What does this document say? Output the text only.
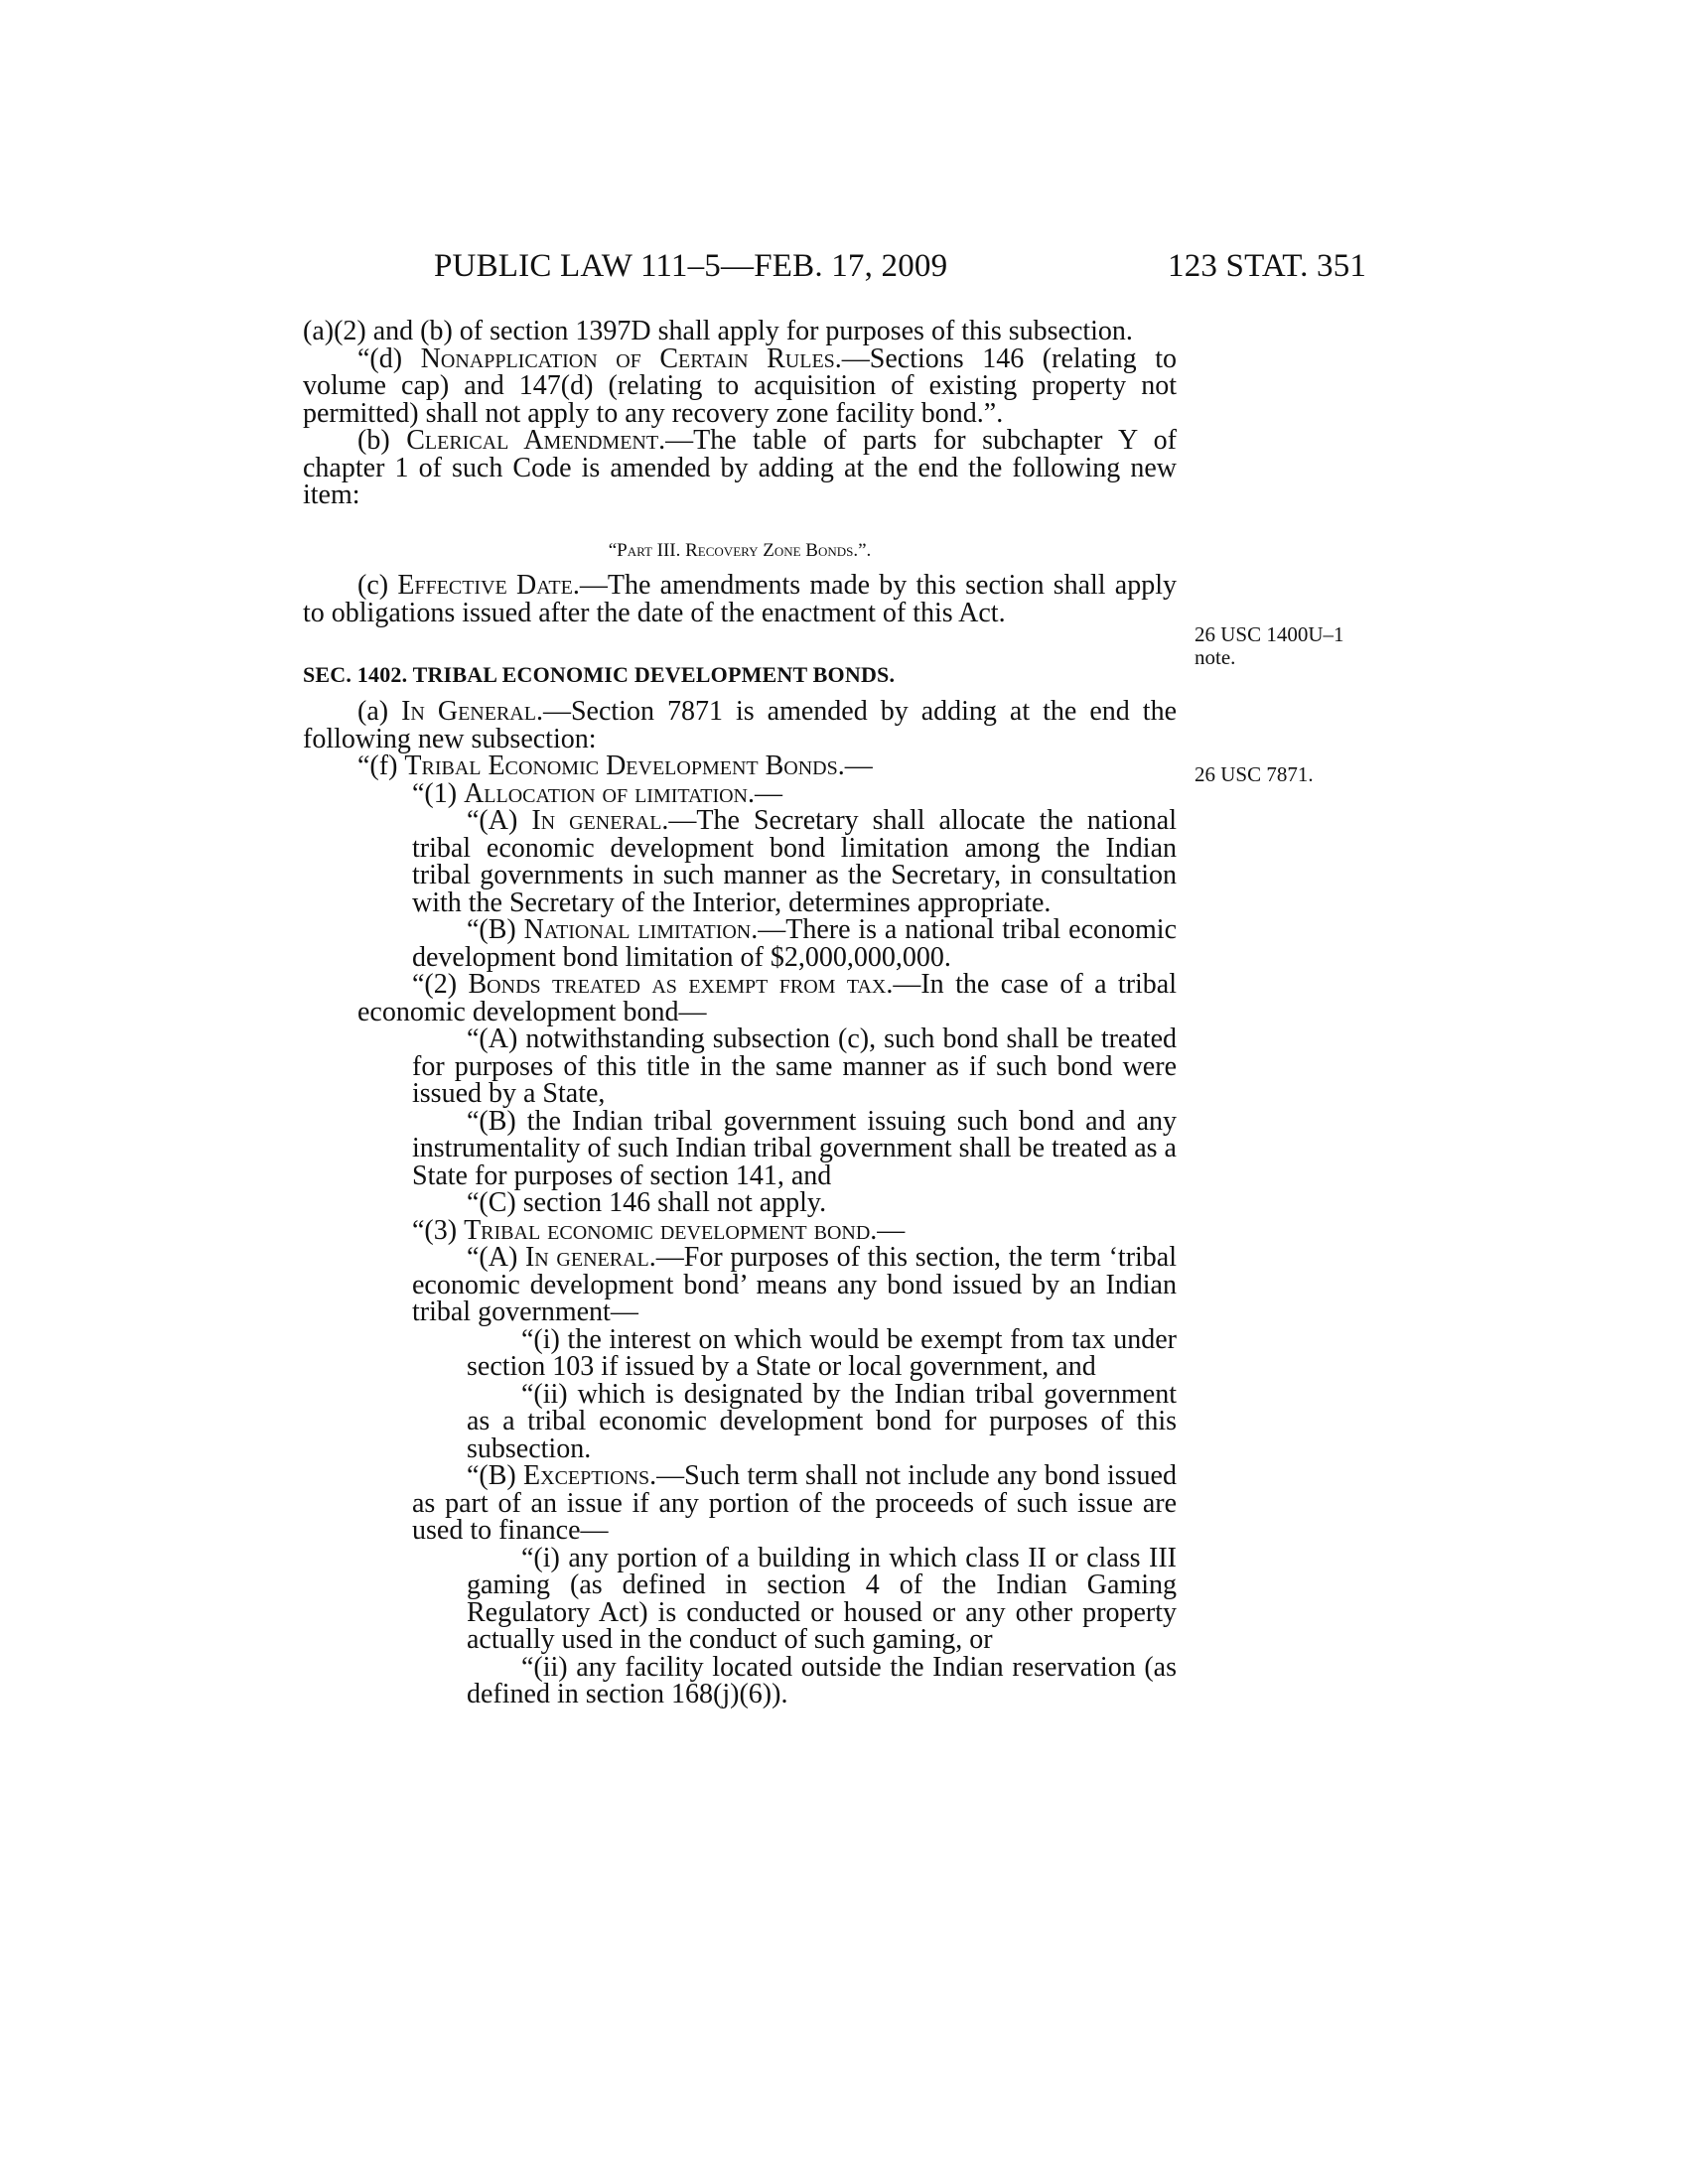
PUBLIC LAW 111–5—FEB. 17, 2009	123 STAT. 351

(a)(2) and (b) of section 1397D shall apply for purposes of this subsection.

“(d) Nonapplication of Certain Rules.—Sections 146 (relating to volume cap) and 147(d) (relating to acquisition of existing property not permitted) shall not apply to any recovery zone facility bond.”.

(b) Clerical Amendment.—The table of parts for subchapter Y of chapter 1 of such Code is amended by adding at the end the following new item:

“Part III. Recovery Zone Bonds.”.

(c) Effective Date.—The amendments made by this section shall apply to obligations issued after the date of the enactment of this Act.

SEC. 1402. TRIBAL ECONOMIC DEVELOPMENT BONDS.

(a) In General.—Section 7871 is amended by adding at the end the following new subsection:

“(f) Tribal Economic Development Bonds.—

“(1) Allocation of limitation.—

“(A) In general.—The Secretary shall allocate the national tribal economic development bond limitation among the Indian tribal governments in such manner as the Secretary, in consultation with the Secretary of the Interior, determines appropriate.

“(B) National limitation.—There is a national tribal economic development bond limitation of $2,000,000,000.

“(2) Bonds treated as exempt from tax.—In the case of a tribal economic development bond—

“(A) notwithstanding subsection (c), such bond shall be treated for purposes of this title in the same manner as if such bond were issued by a State,

“(B) the Indian tribal government issuing such bond and any instrumentality of such Indian tribal government shall be treated as a State for purposes of section 141, and

“(C) section 146 shall not apply.

“(3) Tribal economic development bond.—

“(A) In general.—For purposes of this section, the term ‘tribal economic development bond’ means any bond issued by an Indian tribal government—

“(i) the interest on which would be exempt from tax under section 103 if issued by a State or local government, and

“(ii) which is designated by the Indian tribal government as a tribal economic development bond for purposes of this subsection.

“(B) Exceptions.—Such term shall not include any bond issued as part of an issue if any portion of the proceeds of such issue are used to finance—

“(i) any portion of a building in which class II or class III gaming (as defined in section 4 of the Indian Gaming Regulatory Act) is conducted or housed or any other property actually used in the conduct of such gaming, or

“(ii) any facility located outside the Indian reservation (as defined in section 168(j)(6)).

26 USC 1400U–1
note.
26 USC 7871.
